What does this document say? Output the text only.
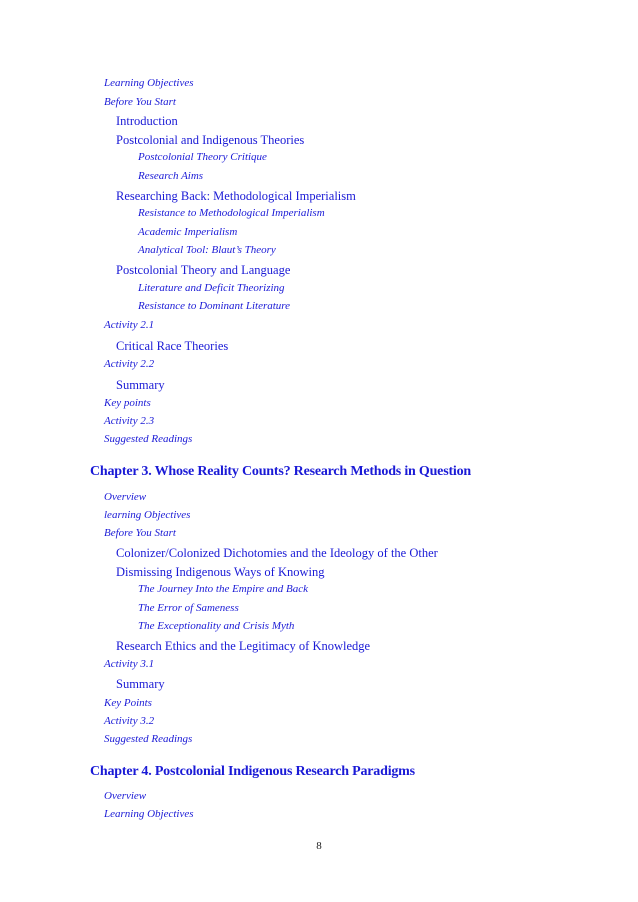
Learning Objectives
Before You Start
Introduction
Postcolonial and Indigenous Theories
Postcolonial Theory Critique
Research Aims
Researching Back: Methodological Imperialism
Resistance to Methodological Imperialism
Academic Imperialism
Analytical Tool: Blaut’s Theory
Postcolonial Theory and Language
Literature and Deficit Theorizing
Resistance to Dominant Literature
Activity 2.1
Critical Race Theories
Activity 2.2
Summary
Key points
Activity 2.3
Suggested Readings
Chapter 3. Whose Reality Counts? Research Methods in Question
Overview
learning Objectives
Before You Start
Colonizer/Colonized Dichotomies and the Ideology of the Other
Dismissing Indigenous Ways of Knowing
The Journey Into the Empire and Back
The Error of Sameness
The Exceptionality and Crisis Myth
Research Ethics and the Legitimacy of Knowledge
Activity 3.1
Summary
Key Points
Activity 3.2
Suggested Readings
Chapter 4. Postcolonial Indigenous Research Paradigms
Overview
Learning Objectives
8
